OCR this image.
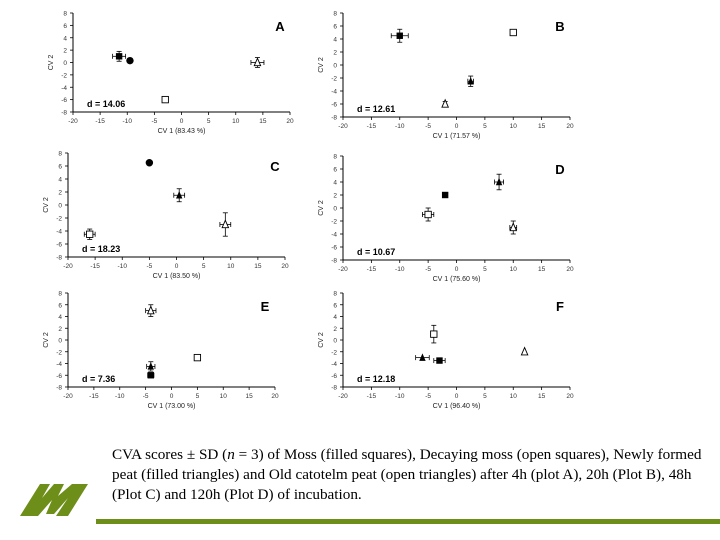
8
6
4
2
0
-2
-4
-6
-8
-20	-15	-10	-5	0	5	10	15	20
CV 1 (83.43 %)
CV 2
A
d = 14.06
8
6
4
2
0
-2
-4
-6
-8
-20	-15	-10	-5	0	5	10	15	20
CV 1 (71.57 %)
CV 2
B
d = 12.61
8
6
4
2
0
-2
-4
-6
-8
-20	-15	-10	-5	0	5	10	15	20
CV 1 (83.50 %)
CV 2
C
d = 18.23
8
6
4
2
0
-2
-4
-6
-8
-20	-15	-10	-5	0	5	10	15	20
CV 1 (75.60 %)
CV 2
D
d = 10.67
8
6
4
2
0
-2
-4
-6
-8
-20	-15	-10	-5	0	5	10	15	20
CV 1 (73.00 %)
CV 2
E
d = 7.36
8
6
4
2
0
-2
-4
-6
-8
-20	-15	-10	-5	0	5	10	15	20
CV 1 (96.40 %)
CV 2
F
d = 12.18
CVA scores ± SD (n = 3) of Moss (filled squares), Decaying moss (open squares), Newly formed peat (filled triangles) and Old catotelm peat (open triangles) after 4h (plot A), 20h (Plot B), 48h (Plot C) and 120h (Plot D) of incubation.
